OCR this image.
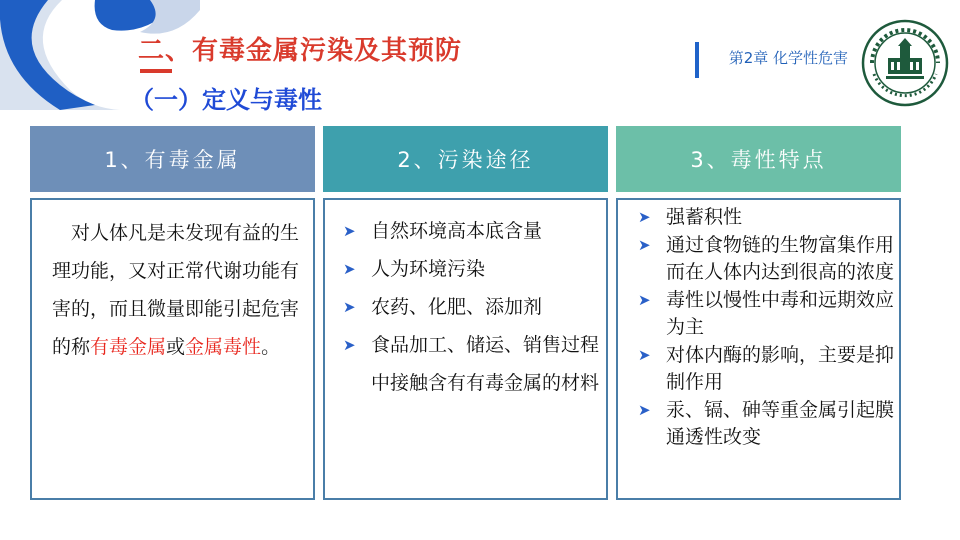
二、有毒金属污染及其预防
（一）定义与毒性
第2章 化学性危害
1、有毒金属	2、污染途径	3、毒性特点
 对人体凡是未发现有益的生理功能，又对正常代谢功能有害的，而且微量即能引起危害的称有毒金属或金属毒性。
➤ 自然环境高本底含量
➤ 人为环境污染
➤ 农药、化肥、添加剂
➤ 食品加工、储运、销售过程中接触含有有毒金属的材料
➤ 强蓄积性
➤ 通过食物链的生物富集作用而在人体内达到很高的浓度
➤ 毒性以慢性中毒和远期效应为主
➤ 对体内酶的影响，主要是抑制作用
➤ 汞、镉、砷等重金属引起膜通透性改变
